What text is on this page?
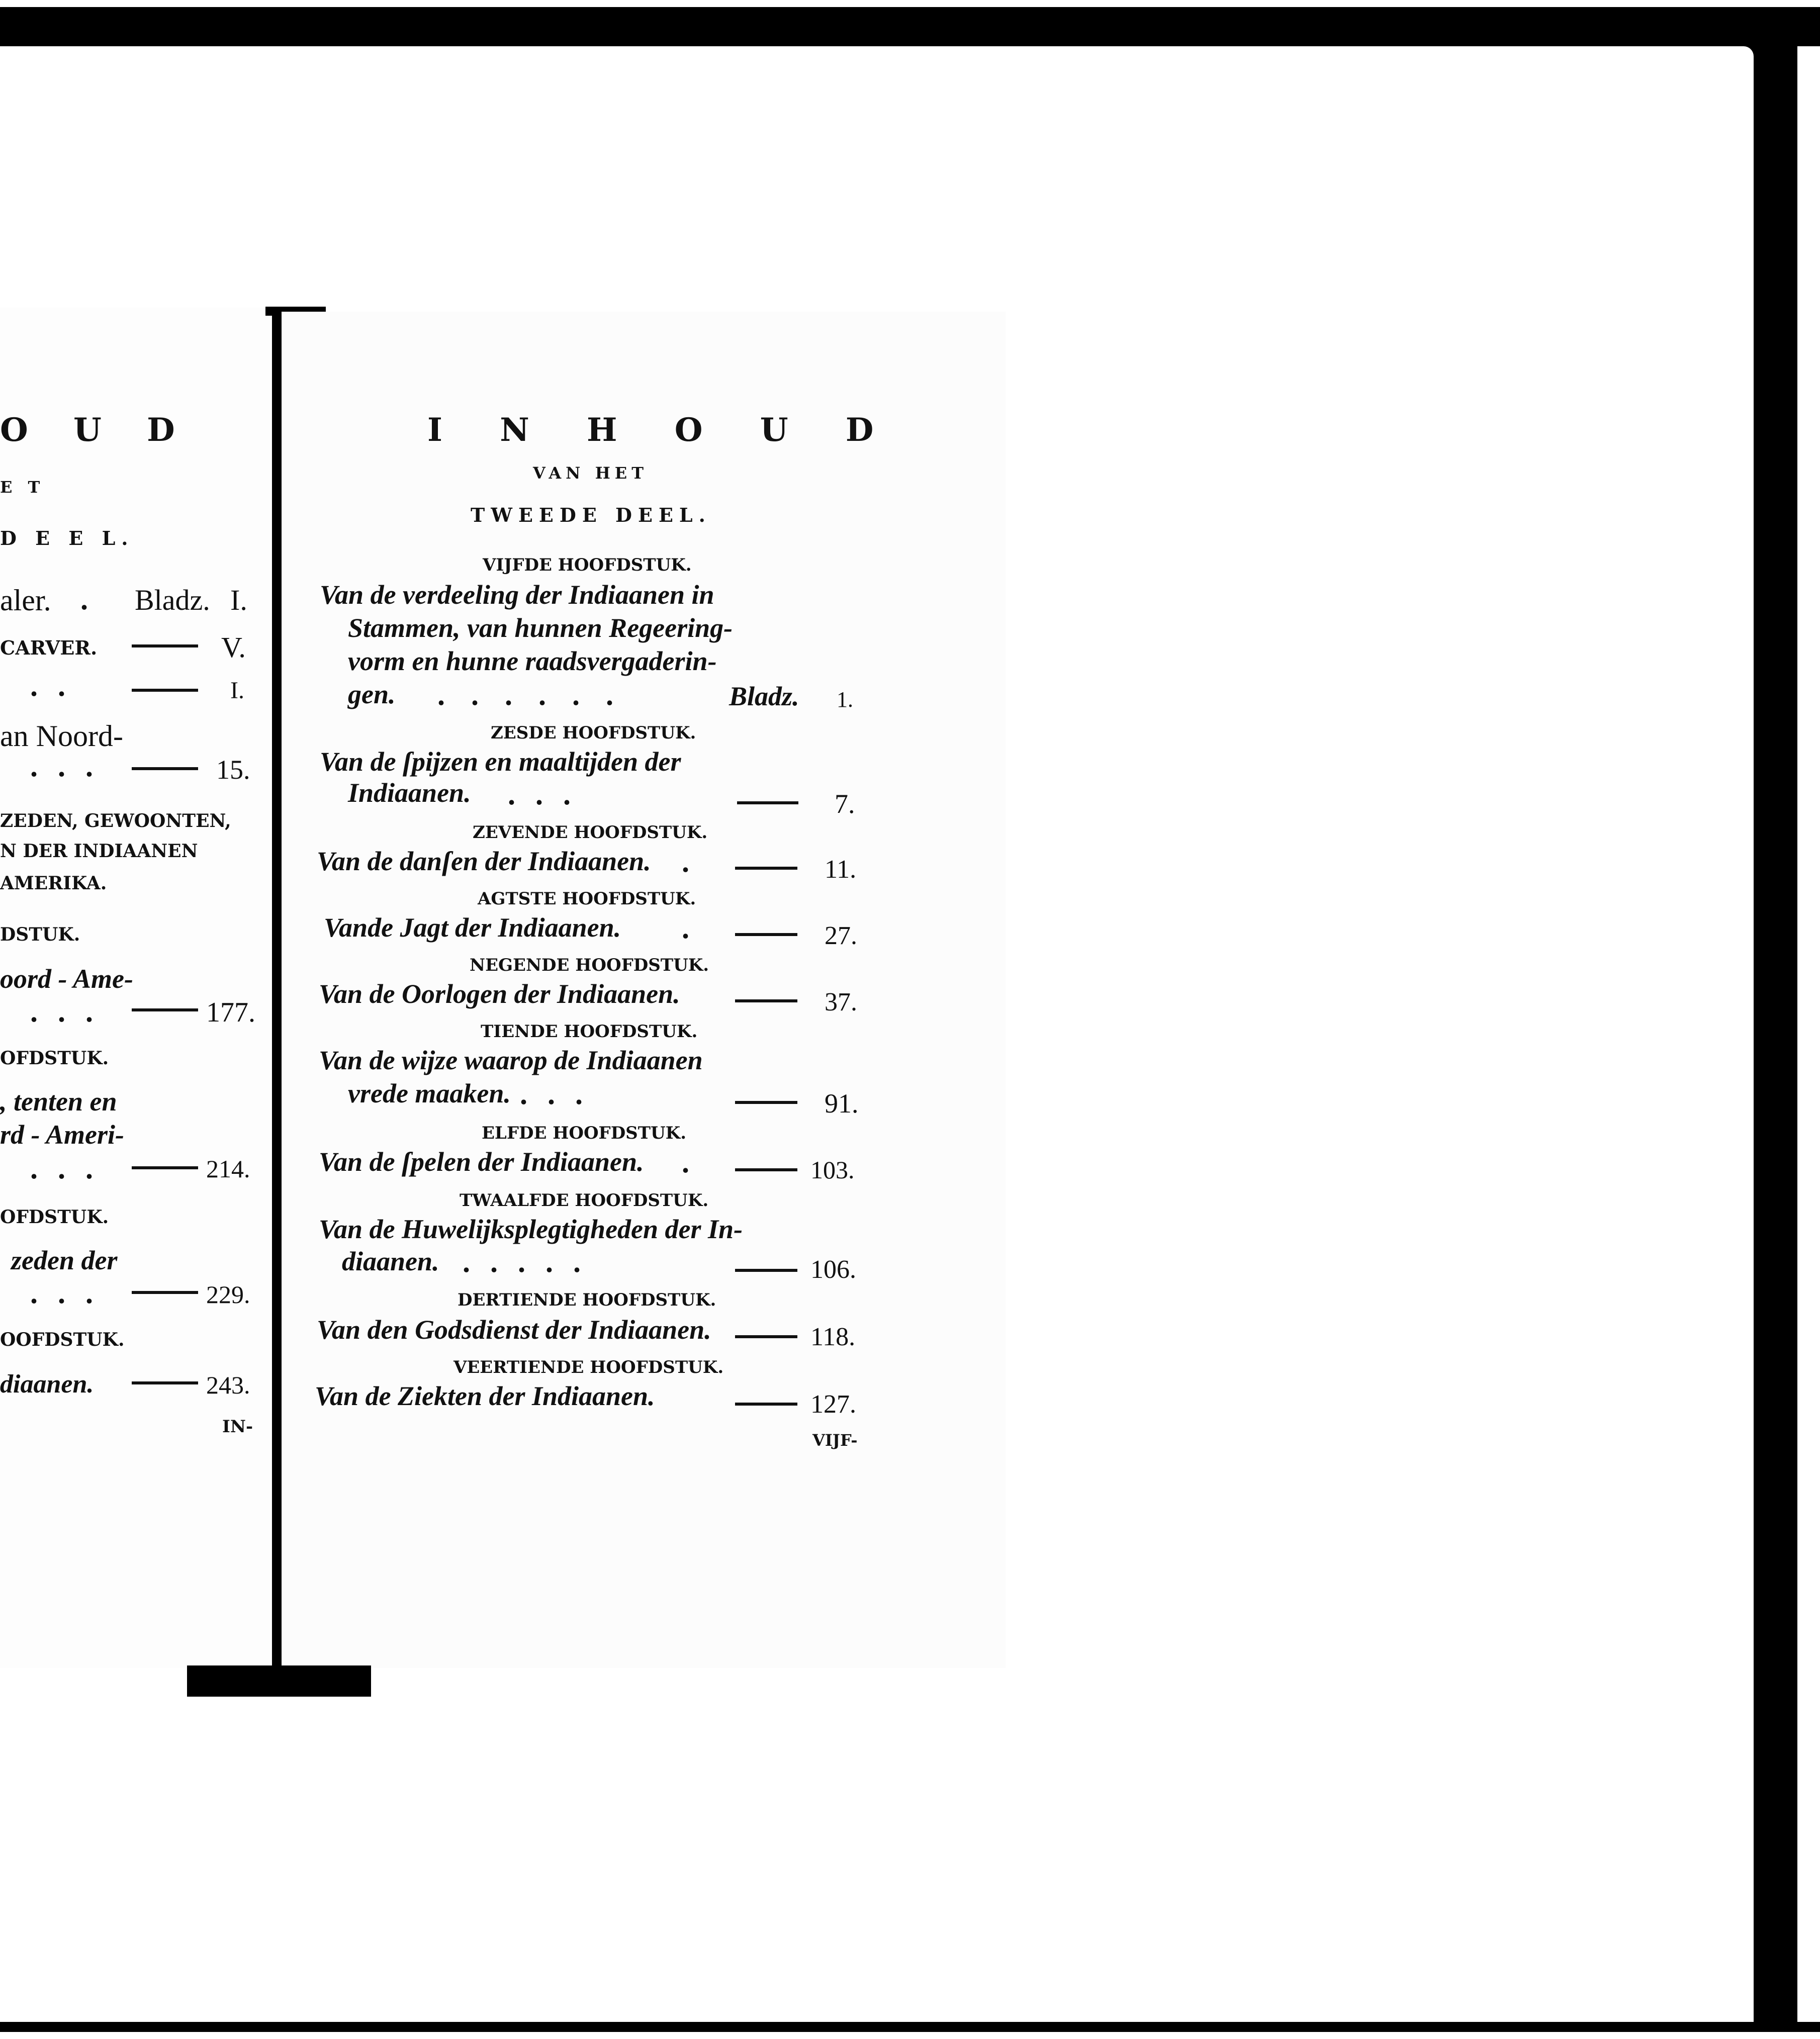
O U D
E T
D E E L.
aler. . Bladz. I.
CARVER.	V.
..	I.
an Noord-
...	15.
ZEDEN, GEWOONTEN,
N DER INDIAANEN
AMERIKA.
DSTUK.
oord - Ame-
...	177.
OFDSTUK.
, tenten en
rd - Ameri-
...	214.
OFDSTUK.
zeden der
...	229.
OOFDSTUK.
diaanen.	243.
IN-
I N H O U D
VAN HET
TWEEDE DEEL.
VIJFDE HOOFDSTUK.
Van de verdeeling der Indiaanen in
Stammen, van hunnen Regeering-
vorm en hunne raadsvergaderin-
gen. ......	Bladz. 1.
ZESDE HOOFDSTUK.
Van de ſpijzen en maaltijden der
Indiaanen. ...	7.
ZEVENDE HOOFDSTUK.
Van de danſen der Indiaanen. .	11.
AGTSTE HOOFDSTUK.
Vande Jagt der Indiaanen. .	27.
NEGENDE HOOFDSTUK.
Van de Oorlogen der Indiaanen.	37.
TIENDE HOOFDSTUK.
Van de wijze waarop de Indiaanen
vrede maaken. ...	91.
ELFDE HOOFDSTUK.
Van de ſpelen der Indiaanen. .	103.
TWAALFDE HOOFDSTUK.
Van de Huwelijksplegtigheden der In-
diaanen. .....	106.
DERTIENDE HOOFDSTUK.
Van den Godsdienst der Indiaanen.	118.
VEERTIENDE HOOFDSTUK.
Van de Ziekten der Indiaanen.	127.
VIJF-
